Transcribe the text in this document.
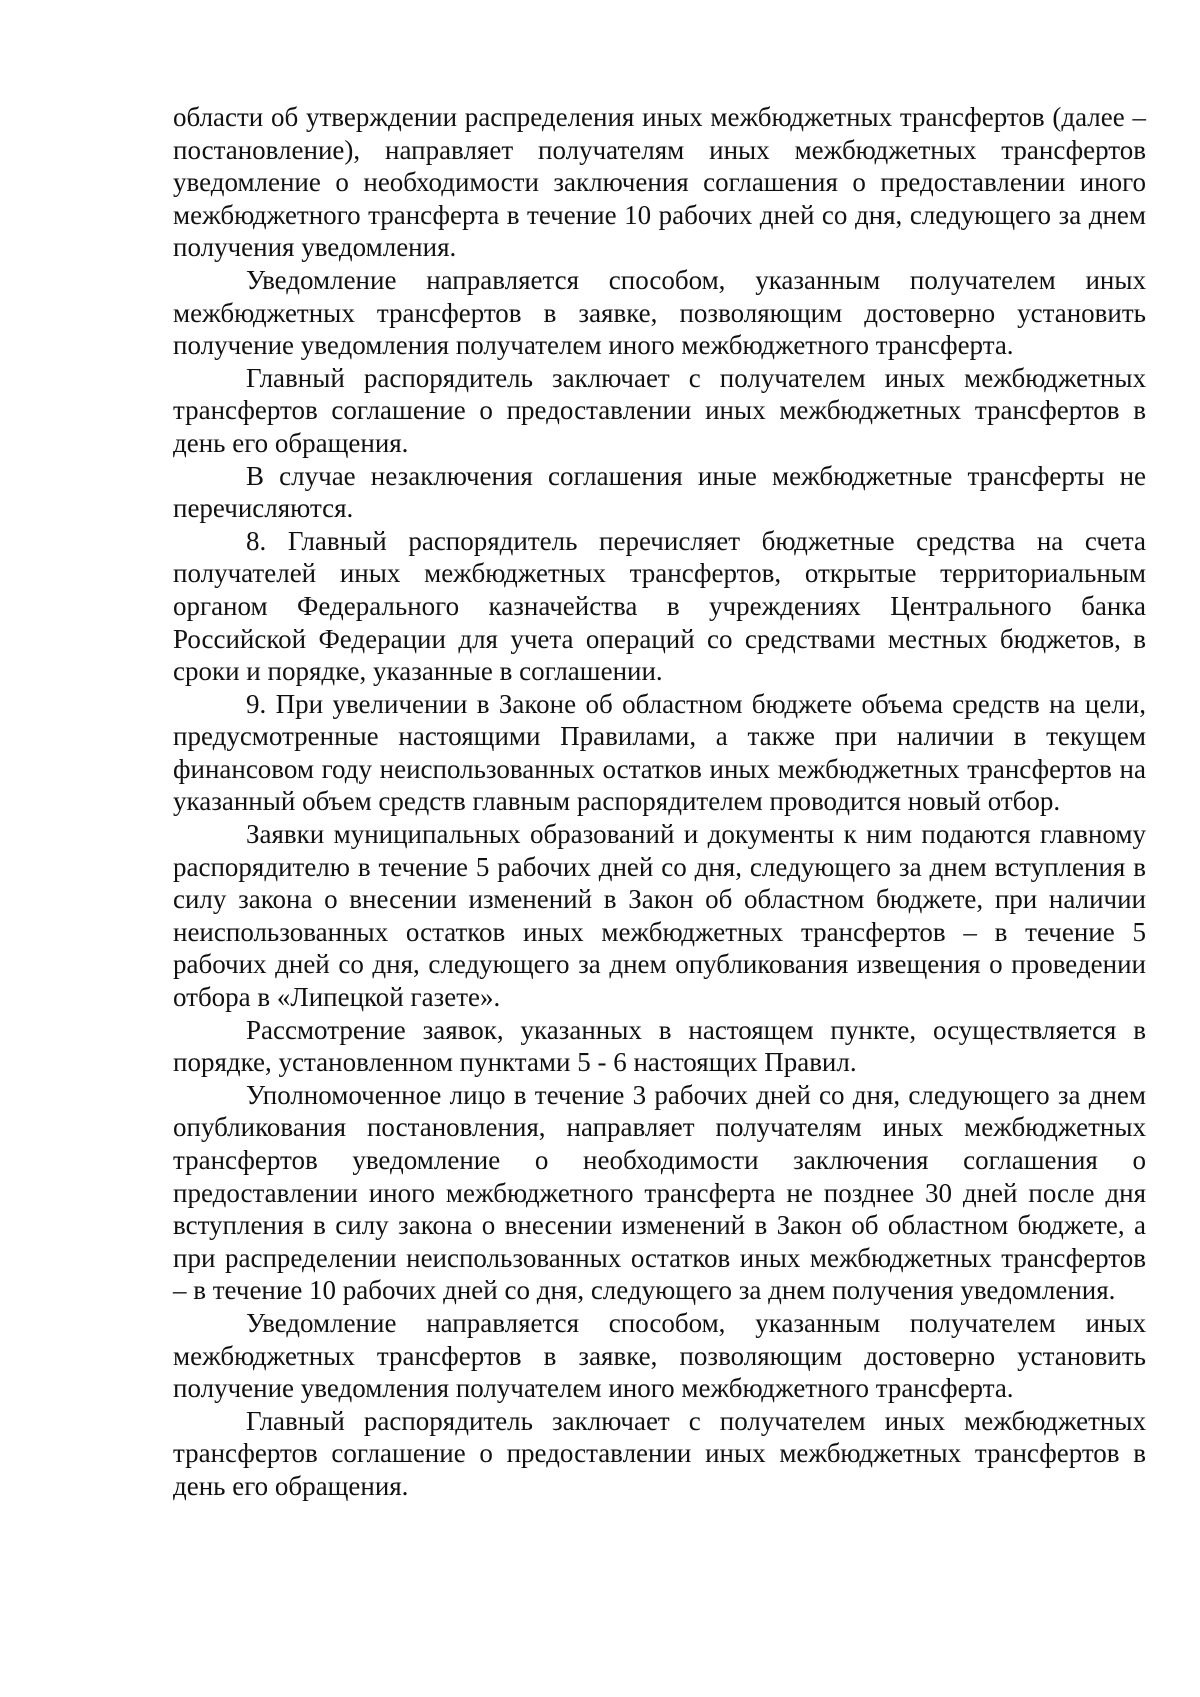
области об утверждении распределения иных межбюджетных трансфертов (далее – постановление), направляет получателям иных межбюджетных трансфертов уведомление о необходимости заключения соглашения о предоставлении иного межбюджетного трансферта в течение 10 рабочих дней со дня, следующего за днем получения уведомления.

Уведомление направляется способом, указанным получателем иных межбюджетных трансфертов в заявке, позволяющим достоверно установить получение уведомления получателем иного межбюджетного трансферта.

Главный распорядитель заключает с получателем иных межбюджетных трансфертов соглашение о предоставлении иных межбюджетных трансфертов в день его обращения.

В случае незаключения соглашения иные межбюджетные трансферты не перечисляются.

8. Главный распорядитель перечисляет бюджетные средства на счета получателей иных межбюджетных трансфертов, открытые территориальным органом Федерального казначейства в учреждениях Центрального банка Российской Федерации для учета операций со средствами местных бюджетов, в сроки и порядке, указанные в соглашении.

9. При увеличении в Законе об областном бюджете объема средств на цели, предусмотренные настоящими Правилами, а также при наличии в текущем финансовом году неиспользованных остатков иных межбюджетных трансфертов на указанный объем средств главным распорядителем проводится новый отбор.

Заявки муниципальных образований и документы к ним подаются главному распорядителю в течение 5 рабочих дней со дня, следующего за днем вступления в силу закона о внесении изменений в Закон об областном бюджете, при наличии неиспользованных остатков иных межбюджетных трансфертов – в течение 5 рабочих дней со дня, следующего за днем опубликования извещения о проведении отбора в «Липецкой газете».

Рассмотрение заявок, указанных в настоящем пункте, осуществляется в порядке, установленном пунктами 5 - 6 настоящих Правил.

Уполномоченное лицо в течение 3 рабочих дней со дня, следующего за днем опубликования постановления, направляет получателям иных межбюджетных трансфертов уведомление о необходимости заключения соглашения о предоставлении иного межбюджетного трансферта не позднее 30 дней после дня вступления в силу закона о внесении изменений в Закон об областном бюджете, а при распределении неиспользованных остатков иных межбюджетных трансфертов – в течение 10 рабочих дней со дня, следующего за днем получения уведомления.

Уведомление направляется способом, указанным получателем иных межбюджетных трансфертов в заявке, позволяющим достоверно установить получение уведомления получателем иного межбюджетного трансферта.

Главный распорядитель заключает с получателем иных межбюджетных трансфертов соглашение о предоставлении иных межбюджетных трансфертов в день его обращения.
